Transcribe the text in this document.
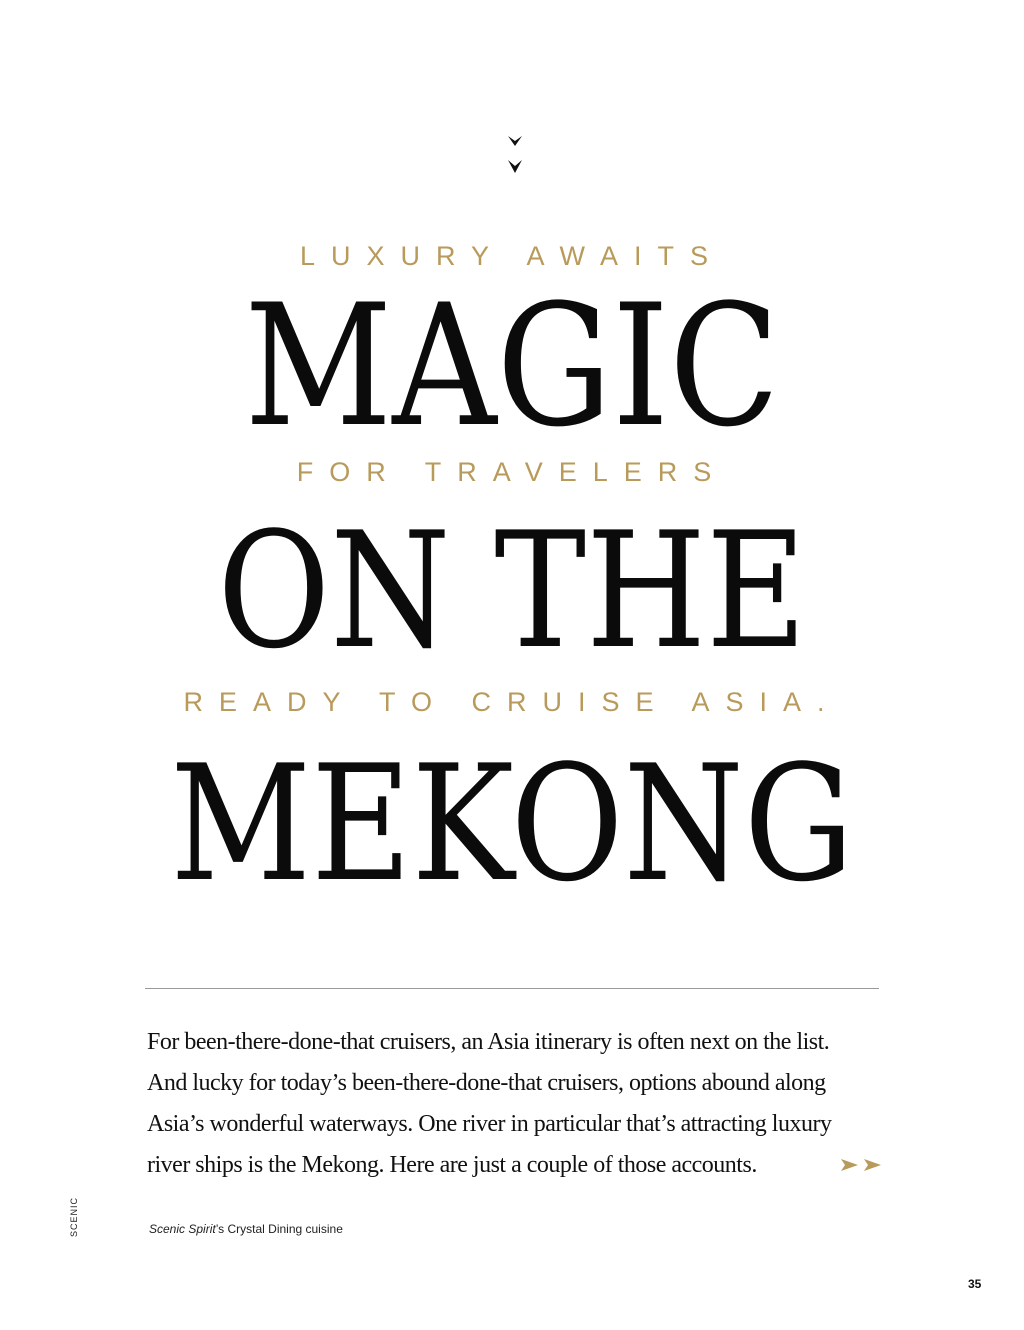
LUXURY AWAITS
MAGIC
FOR TRAVELERS
ON THE
READY TO CRUISE ASIA.
MEKONG

For been-there-done-that cruisers, an Asia itinerary is often next on the list.
And lucky for today’s been-there-done-that cruisers, options abound along
Asia’s wonderful waterways. One river in particular that’s attracting luxury
river ships is the Mekong. Here are just a couple of those accounts.

SCENIC	Scenic Spirit’s Crystal Dining cuisine
35
